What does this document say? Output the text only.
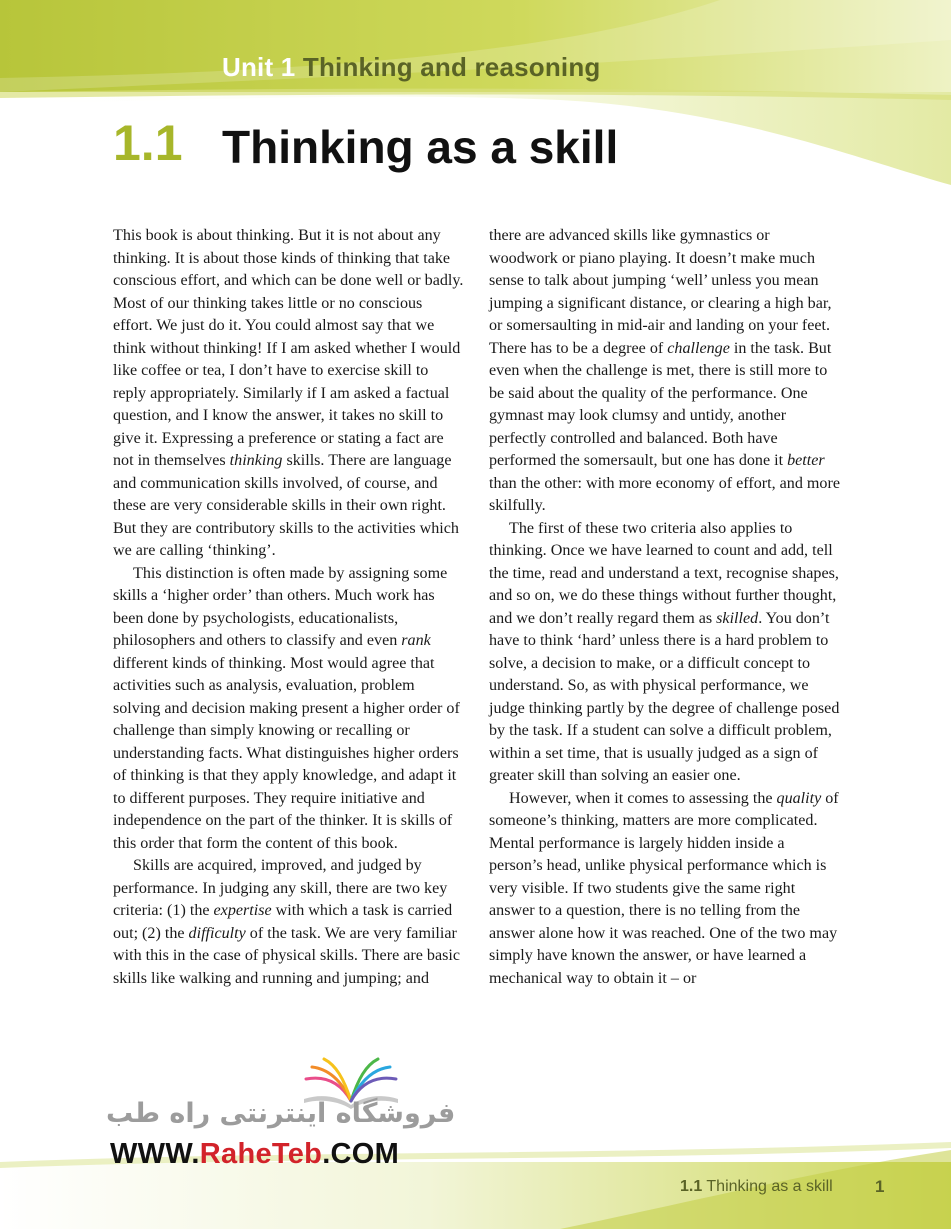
Unit 1 Thinking and reasoning
1.1 Thinking as a skill

This book is about thinking. But it is not about any thinking. It is about those kinds of thinking that take conscious effort, and which can be done well or badly. Most of our thinking takes little or no conscious effort. We just do it. You could almost say that we think without thinking! If I am asked whether I would like coffee or tea, I don’t have to exercise skill to reply appropriately. Similarly if I am asked a factual question, and I know the answer, it takes no skill to give it. Expressing a preference or stating a fact are not in themselves thinking skills. There are language and communication skills involved, of course, and these are very considerable skills in their own right. But they are contributory skills to the activities which we are calling ‘thinking’.

This distinction is often made by assigning some skills a ‘higher order’ than others. Much work has been done by psychologists, educationalists, philosophers and others to classify and even rank different kinds of thinking. Most would agree that activities such as analysis, evaluation, problem solving and decision making present a higher order of challenge than simply knowing or recalling or understanding facts. What distinguishes higher orders of thinking is that they apply knowledge, and adapt it to different purposes. They require initiative and independence on the part of the thinker. It is skills of this order that form the content of this book.

Skills are acquired, improved, and judged by performance. In judging any skill, there are two key criteria: (1) the expertise with which a task is carried out; (2) the difficulty of the task. We are very familiar with this in the case of physical skills. There are basic skills like walking and running and jumping; and

there are advanced skills like gymnastics or woodwork or piano playing. It doesn’t make much sense to talk about jumping ‘well’ unless you mean jumping a significant distance, or clearing a high bar, or somersaulting in mid-air and landing on your feet. There has to be a degree of challenge in the task. But even when the challenge is met, there is still more to be said about the quality of the performance. One gymnast may look clumsy and untidy, another perfectly controlled and balanced. Both have performed the somersault, but one has done it better than the other: with more economy of effort, and more skilfully.

The first of these two criteria also applies to thinking. Once we have learned to count and add, tell the time, read and understand a text, recognise shapes, and so on, we do these things without further thought, and we don’t really regard them as skilled. You don’t have to think ‘hard’ unless there is a hard problem to solve, a decision to make, or a difficult concept to understand. So, as with physical performance, we judge thinking partly by the degree of challenge posed by the task. If a student can solve a difficult problem, within a set time, that is usually judged as a sign of greater skill than solving an easier one.

However, when it comes to assessing the quality of someone’s thinking, matters are more complicated. Mental performance is largely hidden inside a person’s head, unlike physical performance which is very visible. If two students give the same right answer to a question, there is no telling from the answer alone how it was reached. One of the two may simply have known the answer, or have learned a mechanical way to obtain it – or

فروشگاه اینترنتی راه طب
WWW.RaheTeb.COM
1.1 Thinking as a skill 1
